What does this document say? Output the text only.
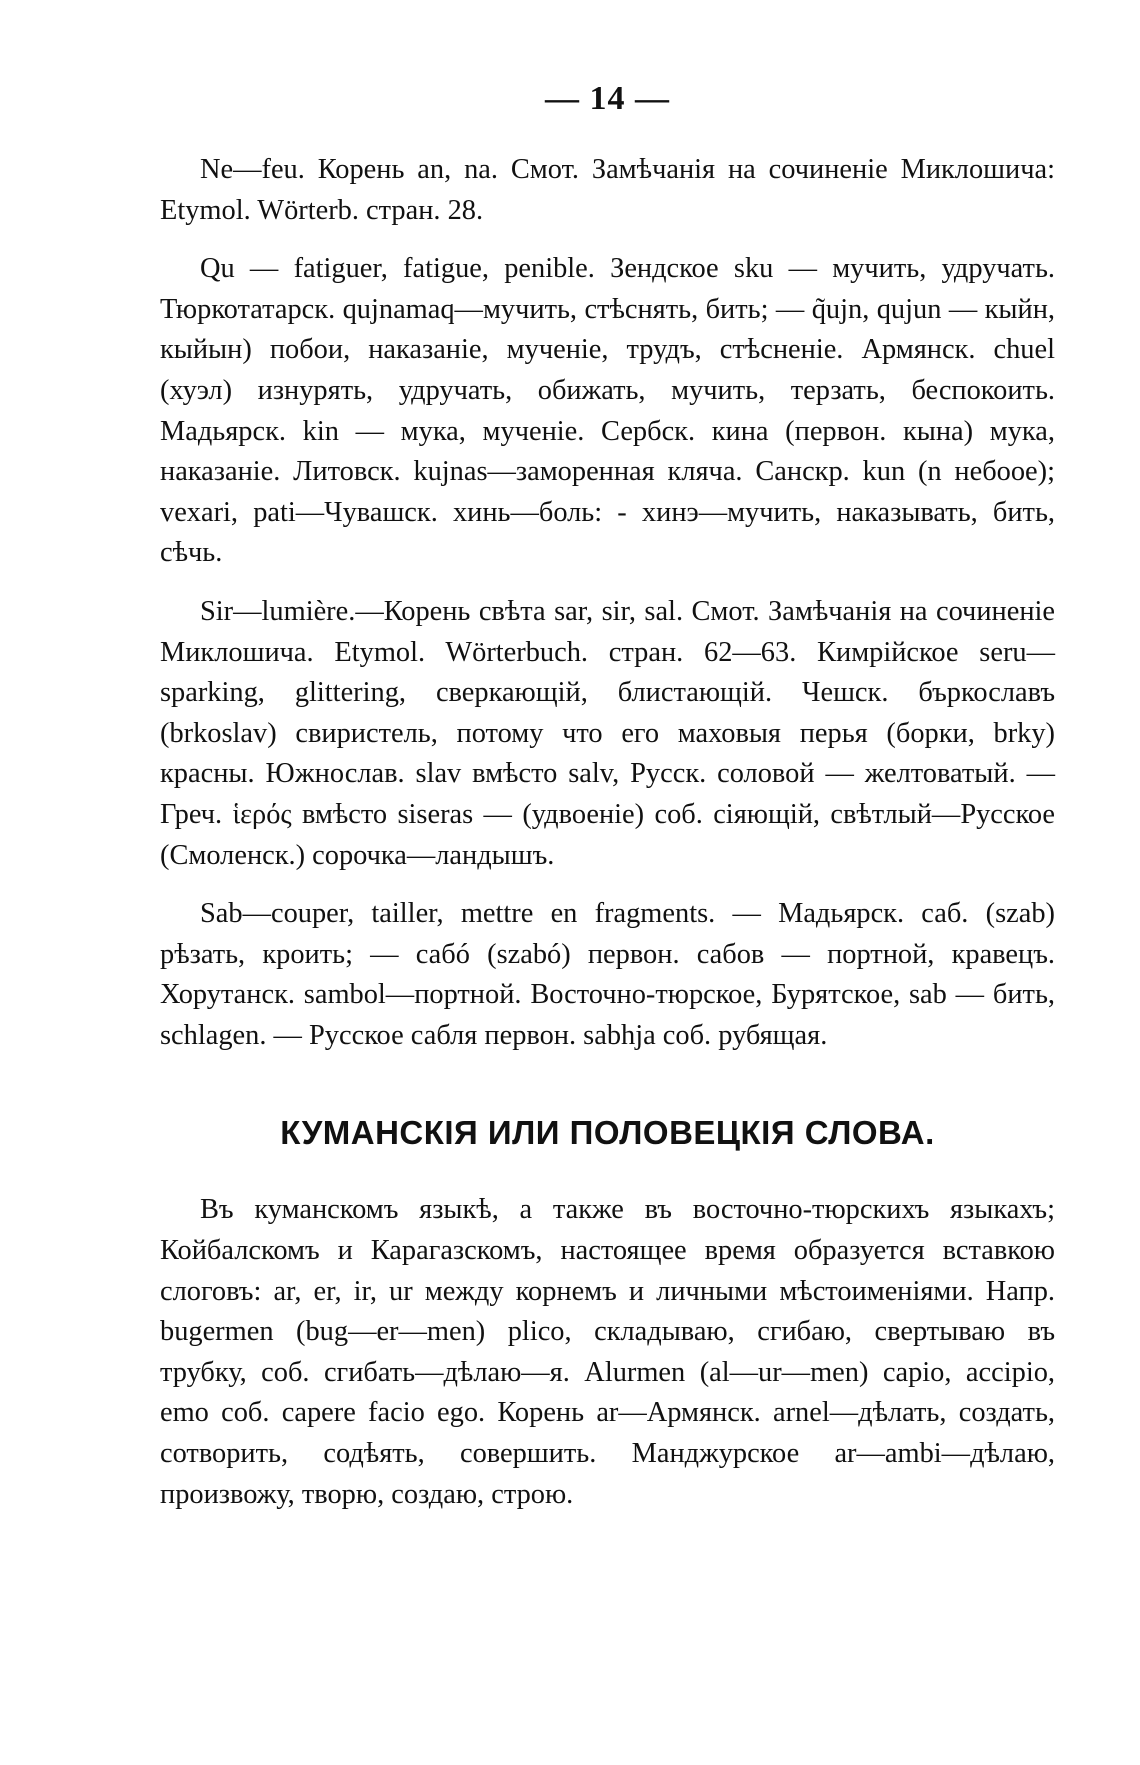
— 14 —

Ne—feu. Корень an, na. Смот. Замѣчанія на сочиненіе Миклошича: Etymol. Wörterb. стран. 28.

Qu — fatiguer, fatigue, penible. Зендское sku — мучить, удручать. Тюркотатарск. qujnamaq—мучить, стѣснять, бить; — q̃ujn, qujun — кыйн, кыйын) побои, наказаніе, мученіе, трудъ, стѣсненіе. Армянск. chuel (хуэл) изнурять, удручать, обижать, мучить, терзать, беспокоить. Мадьярск. kin — мука, мученіе. Сербск. кина (первон. кына) мука, наказаніе. Литовск. kujnas—заморенная кляча. Санскр. kun (n небооe); vexari, pati—Чувашск. хинь—боль: - хинэ—мучить, наказывать, бить, сѣчь.

Sir—lumière.—Корень свѣта sar, sir, sal. Смот. Замѣчанія на сочиненіе Миклошича. Etymol. Wörterbuch. стран. 62—63. Кимрійское seru—sparking, glittering, сверкающій, блистающій. Чешск. бъркославъ (brkoslav) свиристель, потому что его маховыя перья (борки, brky) красны. Южнослав. slav вмѣсто salv, Русск. соловой — желтоватый. — Греч. ἱερός вмѣсто siseras — (удвоеніе) соб. сіяющій, свѣтлый—Русское (Смоленск.) сорочка—ландышъ.

Sab—couper, tailler, mettre en fragments. — Мадьярск. саб. (szab) рѣзать, кроить; — сабó (szabó) первон. сабов — портной, кравецъ. Хорутанск. sambol—портной. Восточно-тюрское, Бурятское, sab — бить, schlagen. — Русское сабля первон. sabhja соб. рубящая.

КУМАНСКІЯ ИЛИ ПОЛОВЕЦКІЯ СЛОВА.

Въ куманскомъ языкѣ, а также въ восточно-тюрскихъ языкахъ; Койбалскомъ и Карагазскомъ, настоящее время образуется вставкою слоговъ: ar, er, ir, ur между корнемъ и личными мѣстоименіями. Напр. bugermen (bug—er—men) plico, складываю, сгибаю, свертываю въ трубку, соб. сгибать—дѣлаю—я. Alurmen (al—ur—men) capio, accipio, emo соб. capere facio ego. Корень ar—Армянск. arnel—дѣлать, создать, сотворить, содѣять, совершить. Манджурское ar—ambi—дѣлаю, произвожу, творю, создаю, строю.
